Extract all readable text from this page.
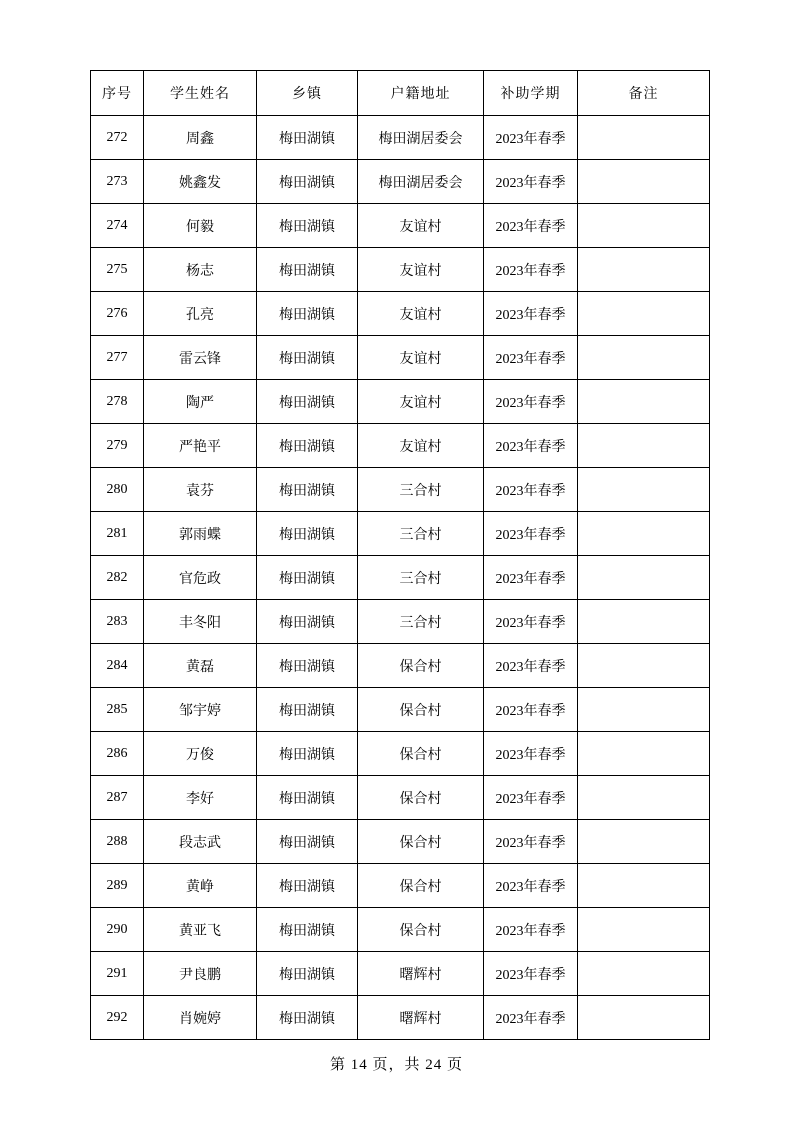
序号	学生姓名	乡镇	户籍地址	补助学期	备注
272	周鑫	梅田湖镇	梅田湖居委会	2023年春季	
273	姚鑫发	梅田湖镇	梅田湖居委会	2023年春季	
274	何毅	梅田湖镇	友谊村	2023年春季	
275	杨志	梅田湖镇	友谊村	2023年春季	
276	孔亮	梅田湖镇	友谊村	2023年春季	
277	雷云锋	梅田湖镇	友谊村	2023年春季	
278	陶严	梅田湖镇	友谊村	2023年春季	
279	严艳平	梅田湖镇	友谊村	2023年春季	
280	袁芬	梅田湖镇	三合村	2023年春季	
281	郭雨蝶	梅田湖镇	三合村	2023年春季	
282	官危政	梅田湖镇	三合村	2023年春季	
283	丰冬阳	梅田湖镇	三合村	2023年春季	
284	黄磊	梅田湖镇	保合村	2023年春季	
285	邹宇婷	梅田湖镇	保合村	2023年春季	
286	万俊	梅田湖镇	保合村	2023年春季	
287	李好	梅田湖镇	保合村	2023年春季	
288	段志武	梅田湖镇	保合村	2023年春季	
289	黄峥	梅田湖镇	保合村	2023年春季	
290	黄亚飞	梅田湖镇	保合村	2023年春季	
291	尹良鹏	梅田湖镇	曙辉村	2023年春季	
292	肖婉婷	梅田湖镇	曙辉村	2023年春季	
第 14 页，共 24 页
